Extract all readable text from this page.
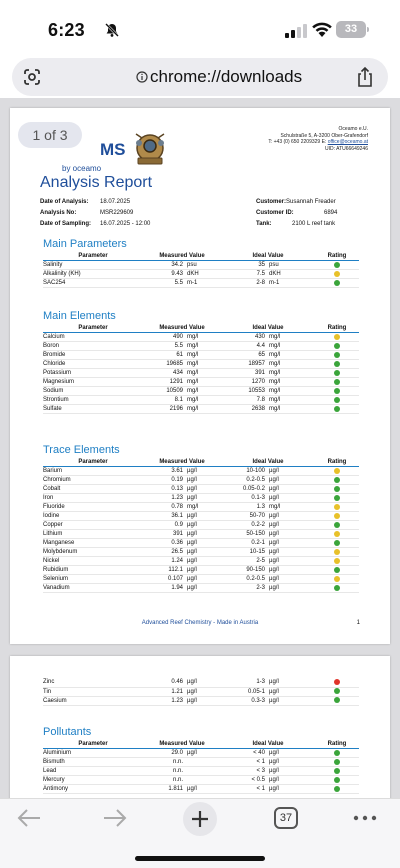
6:23	33
chrome://downloads
1 of 3
MS
by oceamo
Oceamo e.U.
Schulstraße 5, A-3200 Ober-Grafendorf
T: +43 (0) 650 2209329 E: office@oceamo.at
UID: ATU66649246
Analysis Report
Date of Analysis: 18.07.2025
Analysis No:	MSR229609
Date of Sampling: 16.07.2025 - 12:00
Customer:Susannah Freader
Customer ID:	6894
Tank:	2100 L reef tank
Main Parameters
Parameter	Measured Value		Ideal Value		Rating
Salinity	34.2	psu	35	psu	
Alkalinity (KH)	9.43	dKH	7.5	dKH	
SAC254	5.5	m-1	2-8	m-1	
Main Elements
Parameter	Measured Value		Ideal Value		Rating
Calcium	490	mg/l	430	mg/l	
Boron	5.5	mg/l	4.4	mg/l	
Bromide	61	mg/l	65	mg/l	
Chloride	19685	mg/l	18957	mg/l	
Potassium	434	mg/l	391	mg/l	
Magnesium	1291	mg/l	1270	mg/l	
Sodium	10509	mg/l	10553	mg/l	
Strontium	8.1	mg/l	7.8	mg/l	
Sulfate	2196	mg/l	2638	mg/l	
Trace Elements
Parameter	Measured Value		Ideal Value		Rating
Barium	3.61	µg/l	10-100	µg/l	
Chromium	0.19	µg/l	0.2-0.5	µg/l	
Cobalt	0.13	µg/l	0.05-0.2	µg/l	
Iron	1.23	µg/l	0.1-3	µg/l	
Fluoride	0.78	mg/l	1.3	mg/l	
Iodine	36.1	µg/l	50-70	µg/l	
Copper	0.9	µg/l	0.2-2	µg/l	
Lithium	391	µg/l	50-150	µg/l	
Manganese	0.36	µg/l	0.2-1	µg/l	
Molybdenum	26.5	µg/l	10-15	µg/l	
Nickel	1.24	µg/l	2-5	µg/l	
Rubidium	112.1	µg/l	90-150	µg/l	
Selenium	0.107	µg/l	0.2-0.5	µg/l	
Vanadium	1.94	µg/l	2-3	µg/l	
Advanced Reef Chemistry - Made in Austria	1

Zinc	0.46	µg/l	1-3	µg/l	
Tin	1.21	µg/l	0.05-1	µg/l	
Caesium	1.23	µg/l	0.3-3	µg/l	
Pollutants
Parameter	Measured Value		Ideal Value		Rating
Aluminium	29.0	µg/l	< 40	µg/l	
Bismuth	n.n.		< 1	µg/l	
Lead	n.n.		< 3	µg/l	
Mercury	n.n.		< 0.5	µg/l	
Antimony	1.811	µg/l	< 1	µg/l	
37
